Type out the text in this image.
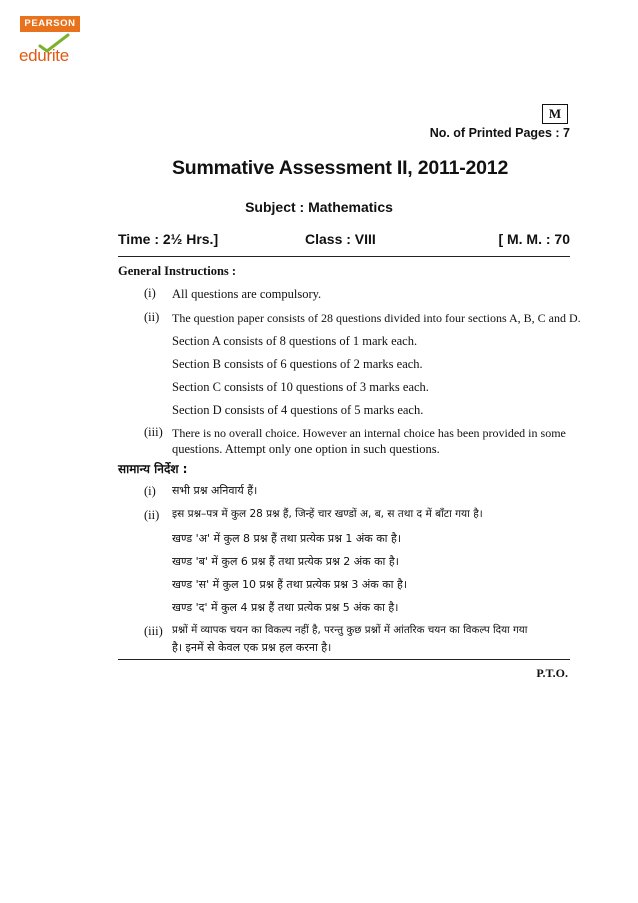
PEARSON
edurite
M
No. of Printed Pages : 7
Summative Assessment II, 2011-2012
Subject : Mathematics
Time : 2½ Hrs.]	Class : VIII	[ M. M. : 70
General Instructions :
(i) All questions are compulsory.
(ii) The question paper consists of 28 questions divided into four sections A, B, C and D.
Section A consists of 8 questions of 1 mark each.
Section B consists of 6 questions of 2 marks each.
Section C consists of 10 questions of 3 marks each.
Section D consists of 4 questions of 5 marks each.
(iii) There is no overall choice. However an internal choice has been provided in some
questions. Attempt only one option in such questions.
सामान्य निर्देश :
(i) सभी प्रश्न अनिवार्य हैं।
(ii) इस प्रश्न–पत्र में कुल 28 प्रश्न हैं, जिन्हें चार खण्डों अ, ब, स तथा द में बाँटा गया है।
खण्ड 'अ' में कुल 8 प्रश्न हैं तथा प्रत्येक प्रश्न 1 अंक का है।
खण्ड 'ब' में कुल 6 प्रश्न हैं तथा प्रत्येक प्रश्न 2 अंक का है।
खण्ड 'स' में कुल 10 प्रश्न हैं तथा प्रत्येक प्रश्न 3 अंक का है।
खण्ड 'द' में कुल 4 प्रश्न हैं तथा प्रत्येक प्रश्न 5 अंक का है।
(iii) प्रश्नों में व्यापक चयन का विकल्प नहीं है, परन्तु कुछ प्रश्नों में आंतरिक चयन का विकल्प दिया गया
है। इनमें से केवल एक प्रश्न हल करना है।
P.T.O.
